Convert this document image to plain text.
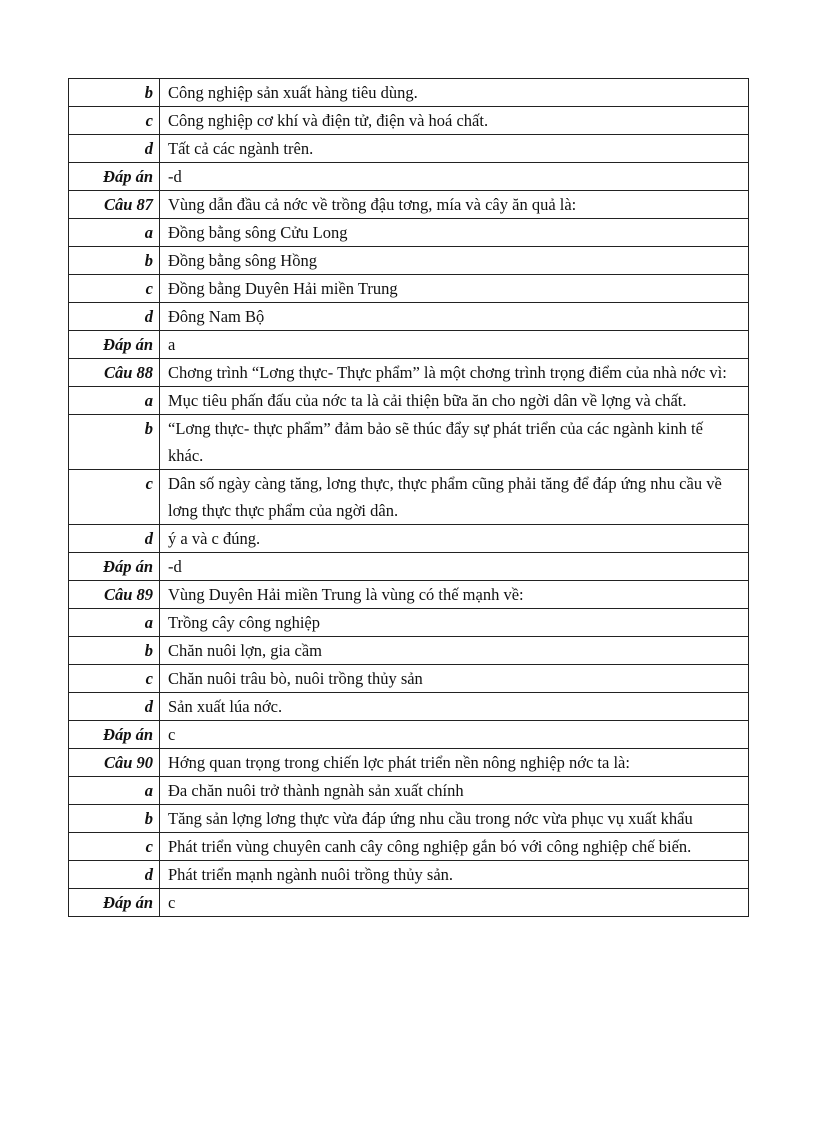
b	Công nghiệp sản xuất hàng tiêu dùng.
c	Công nghiệp cơ khí và điện tử, điện và hoá chất.
d	Tất cả các ngành trên.
Đáp án	-d
Câu 87	Vùng dẫn đầu cả nớc về trồng đậu tơng, mía và cây ăn quả là:
a	Đồng bằng sông Cửu Long
b	Đồng bằng sông Hồng
c	Đồng bằng Duyên Hải miền Trung
d	Đông Nam Bộ
Đáp án	a
Câu 88	Chơng trình “Lơng thực- Thực phẩm” là một chơng trình trọng điểm của nhà nớc vì:
a	Mục tiêu phấn đấu của nớc ta là cải thiện bữa ăn cho ngời dân về lợng và chất.
b	“Lơng thực- thực phẩm” đảm bảo sẽ thúc đẩy sự phát triển của các ngành kinh tế khác.
c	Dân số ngày càng tăng, lơng thực, thực phẩm cũng phải tăng để đáp ứng nhu cầu về lơng thực thực phẩm của ngời dân.
d	ý a và c đúng.
Đáp án	-d
Câu 89	Vùng Duyên Hải miền Trung là vùng có thế mạnh về:
a	Trồng cây công nghiệp
b	Chăn nuôi lợn, gia cầm
c	Chăn nuôi trâu bò, nuôi trồng thủy sản
d	Sản xuất lúa nớc.
Đáp án	c
Câu 90	Hớng quan trọng trong chiến lợc phát triển nền nông nghiệp nớc ta là:
a	Đa chăn nuôi trở thành ngnàh sản xuất chính
b	Tăng sản lợng lơng thực vừa đáp ứng nhu cầu trong nớc vừa phục vụ xuất khẩu
c	Phát triển vùng chuyên canh cây công nghiệp gắn bó với công nghiệp chế biến.
d	Phát triển mạnh ngành nuôi trồng thủy sản.
Đáp án	c
